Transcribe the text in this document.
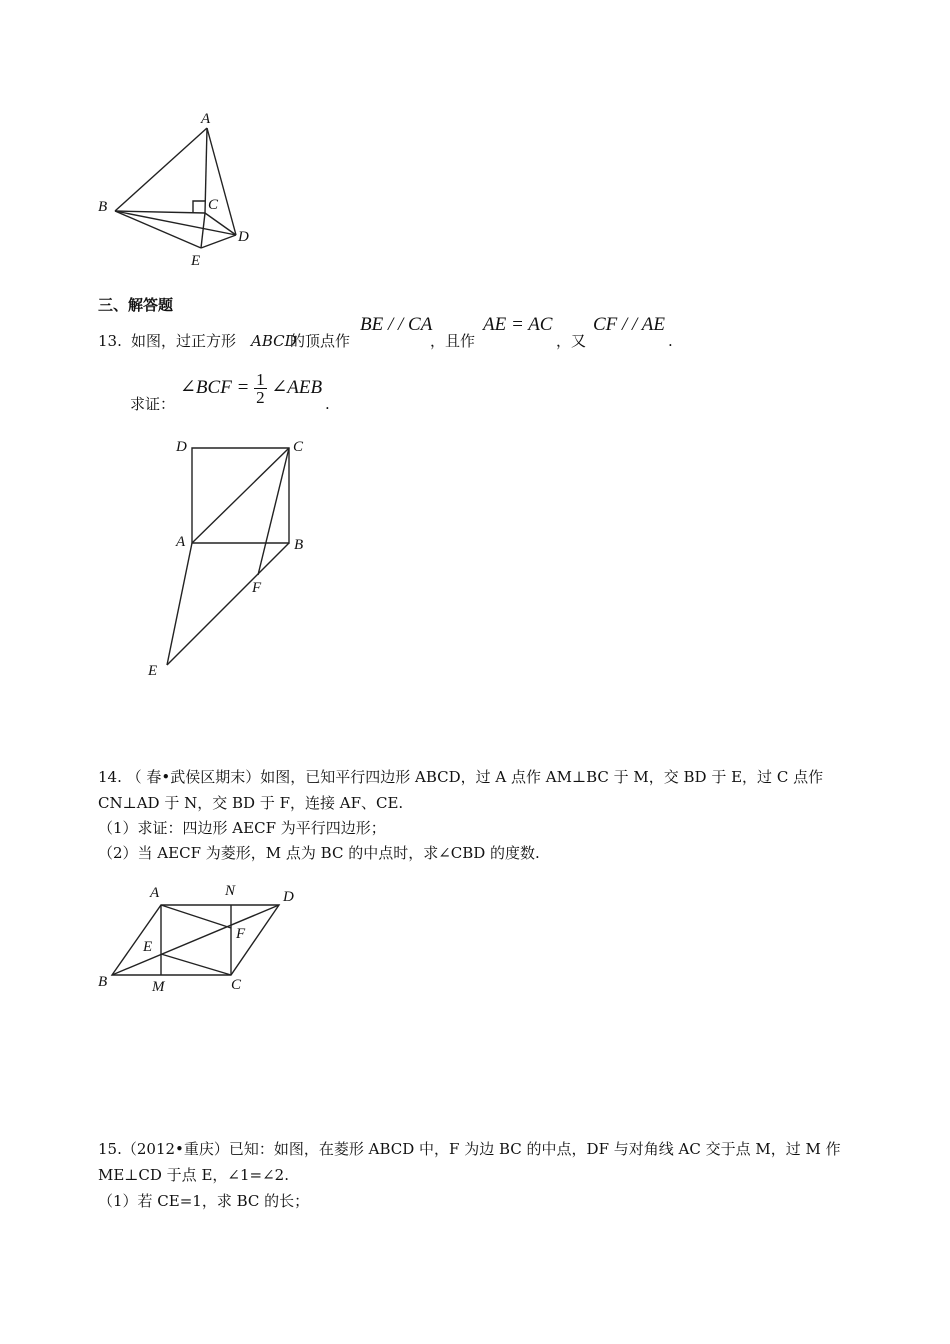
A
B	C
D
E
三、解答题
13. 如图，过正方形 ABCD
的顶点作
BE / / CA
，且作
AE = AC
，又
CF / / AE
.
求证：
∠BCF = $\frac{1}{2}$ ∠AEB
.
D	C
A	B
F
E
14. （ 春•武侯区期末）如图，已知平行四边形 ABCD，过 A 点作 AM⊥BC 于 M，交 BD 于 E，过 C 点作
CN⊥AD 于 N，交 BD 于 F，连接 AF、CE.
（1）求证：四边形 AECF 为平行四边形；
（2）当 AECF 为菱形，M 点为 BC 的中点时，求∠CBD 的度数.
A	N	D
E
F
B	M	C
15.（2012•重庆）已知：如图，在菱形 ABCD 中，F 为边 BC 的中点，DF 与对角线 AC 交于点 M，过 M 作
ME⊥CD 于点 E，∠1=∠2.
（1）若 CE=1，求 BC 的长；
